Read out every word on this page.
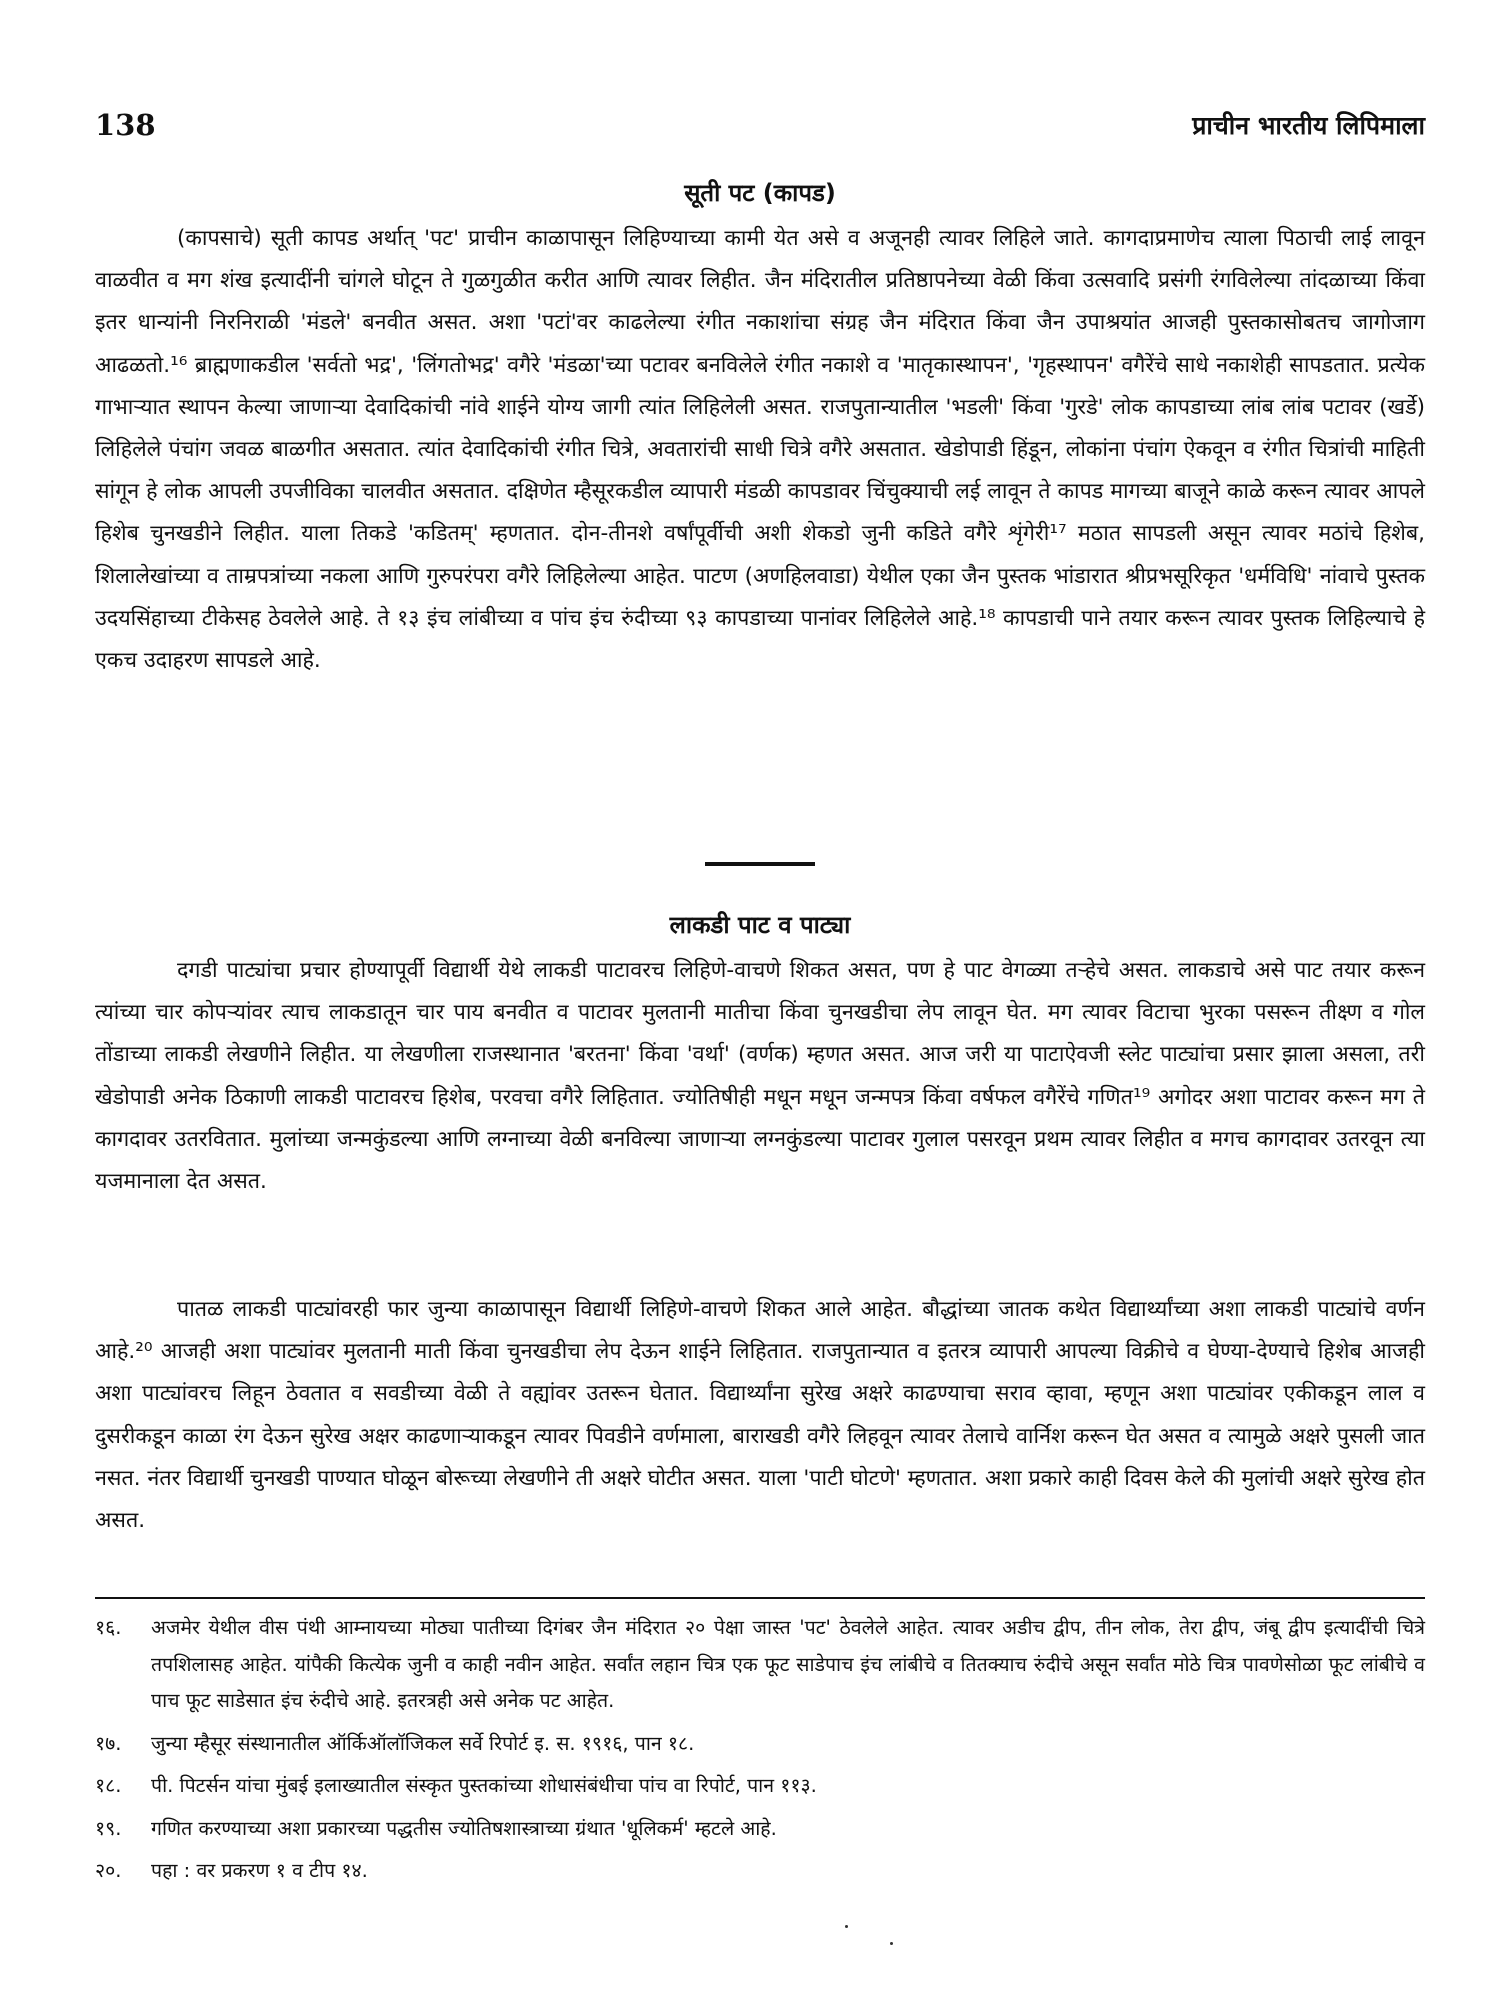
138	प्राचीन भारतीय लिपिमाला
सूती पट (कापड)

(कापसाचे) सूती कापड अर्थात् 'पट' प्राचीन काळापासून लिहिण्याच्या कामी येत असे व अजूनही त्यावर लिहिले जाते. कागदाप्रमाणेच त्याला पिठाची लाई लावून वाळवीत व मग शंख इत्यादींनी चांगले घोटून ते गुळगुळीत करीत आणि त्यावर लिहीत. जैन मंदिरातील प्रतिष्ठापनेच्या वेळी किंवा उत्सवादि प्रसंगी रंगविलेल्या तांदळाच्या किंवा इतर धान्यांनी निरनिराळी 'मंडले' बनवीत असत. अशा 'पटां'वर काढलेल्या रंगीत नकाशांचा संग्रह जैन मंदिरात किंवा जैन उपाश्रयांत आजही पुस्तकासोबतच जागोजाग आढळतो.¹⁶ ब्राह्मणाकडील 'सर्वतो भद्र', 'लिंगतोभद्र' वगैरे 'मंडळा'च्या पटावर बनविलेले रंगीत नकाशे व 'मातृकास्थापन', 'गृहस्थापन' वगैरेंचे साधे नकाशेही सापडतात. प्रत्येक गाभाऱ्यात स्थापन केल्या जाणाऱ्या देवादिकांची नांवे शाईने योग्य जागी त्यांत लिहिलेली असत. राजपुतान्यातील 'भडली' किंवा 'गुरडे' लोक कापडाच्या लांब लांब पटावर (खर्डे) लिहिलेले पंचांग जवळ बाळगीत असतात. त्यांत देवादिकांची रंगीत चित्रे, अवतारांची साधी चित्रे वगैरे असतात. खेडोपाडी हिंडून, लोकांना पंचांग ऐकवून व रंगीत चित्रांची माहिती सांगून हे लोक आपली उपजीविका चालवीत असतात. दक्षिणेत म्हैसूरकडील व्यापारी मंडळी कापडावर चिंचुक्याची लई लावून ते कापड मागच्या बाजूने काळे करून त्यावर आपले हिशेब चुनखडीने लिहीत. याला तिकडे 'कडितम्' म्हणतात. दोन-तीनशे वर्षांपूर्वीची अशी शेकडो जुनी कडिते वगैरे शृंगेरी¹⁷ मठात सापडली असून त्यावर मठांचे हिशेब, शिलालेखांच्या व ताम्रपत्रांच्या नकला आणि गुरुपरंपरा वगैरे लिहिलेल्या आहेत. पाटण (अणहिलवाडा) येथील एका जैन पुस्तक भांडारात श्रीप्रभसूरिकृत 'धर्मविधि' नांवाचे पुस्तक उदयसिंहाच्या टीकेसह ठेवलेले आहे. ते १३ इंच लांबीच्या व पांच इंच रुंदीच्या ९३ कापडाच्या पानांवर लिहिलेले आहे.¹⁸ कापडाची पाने तयार करून त्यावर पुस्तक लिहिल्याचे हे एकच उदाहरण सापडले आहे.

लाकडी पाट व पाट्या

दगडी पाट्यांचा प्रचार होण्यापूर्वी विद्यार्थी येथे लाकडी पाटावरच लिहिणे-वाचणे शिकत असत, पण हे पाट वेगळ्या तऱ्हेचे असत. लाकडाचे असे पाट तयार करून त्यांच्या चार कोपऱ्यांवर त्याच लाकडातून चार पाय बनवीत व पाटावर मुलतानी मातीचा किंवा चुनखडीचा लेप लावून घेत. मग त्यावर विटाचा भुरका पसरून तीक्ष्ण व गोल तोंडाच्या लाकडी लेखणीने लिहीत. या लेखणीला राजस्थानात 'बरतना' किंवा 'वर्था' (वर्णक) म्हणत असत. आज जरी या पाटाऐवजी स्लेट पाट्यांचा प्रसार झाला असला, तरी खेडोपाडी अनेक ठिकाणी लाकडी पाटावरच हिशेब, परवचा वगैरे लिहितात. ज्योतिषीही मधून मधून जन्मपत्र किंवा वर्षफल वगैरेंचे गणित¹⁹ अगोदर अशा पाटावर करून मग ते कागदावर उतरवितात. मुलांच्या जन्मकुंडल्या आणि लग्नाच्या वेळी बनविल्या जाणाऱ्या लग्नकुंडल्या पाटावर गुलाल पसरवून प्रथम त्यावर लिहीत व मगच कागदावर उतरवून त्या यजमानाला देत असत.

पातळ लाकडी पाट्यांवरही फार जुन्या काळापासून विद्यार्थी लिहिणे-वाचणे शिकत आले आहेत. बौद्धांच्या जातक कथेत विद्यार्थ्यांच्या अशा लाकडी पाट्यांचे वर्णन आहे.²⁰ आजही अशा पाट्यांवर मुलतानी माती किंवा चुनखडीचा लेप देऊन शाईने लिहितात. राजपुतान्यात व इतरत्र व्यापारी आपल्या विक्रीचे व घेण्या-देण्याचे हिशेब आजही अशा पाट्यांवरच लिहून ठेवतात व सवडीच्या वेळी ते वह्यांवर उतरून घेतात. विद्यार्थ्यांना सुरेख अक्षरे काढण्याचा सराव व्हावा, म्हणून अशा पाट्यांवर एकीकडून लाल व दुसरीकडून काळा रंग देऊन सुरेख अक्षर काढणाऱ्याकडून त्यावर पिवडीने वर्णमाला, बाराखडी वगैरे लिहवून त्यावर तेलाचे वार्निश करून घेत असत व त्यामुळे अक्षरे पुसली जात नसत. नंतर विद्यार्थी चुनखडी पाण्यात घोळून बोरूच्या लेखणीने ती अक्षरे घोटीत असत. याला 'पाटी घोटणे' म्हणतात. अशा प्रकारे काही दिवस केले की मुलांची अक्षरे सुरेख होत असत.

१६.	अजमेर येथील वीस पंथी आम्नायच्या मोठ्या पातीच्या दिगंबर जैन मंदिरात २० पेक्षा जास्त 'पट' ठेवलेले आहेत. त्यावर अडीच द्वीप, तीन लोक, तेरा द्वीप, जंबू द्वीप इत्यादींची चित्रे तपशिलासह आहेत. यांपैकी कित्येक जुनी व काही नवीन आहेत. सर्वांत लहान चित्र एक फूट साडेपाच इंच लांबीचे व तितक्याच रुंदीचे असून सर्वांत मोठे चित्र पावणेसोळा फूट लांबीचे व पाच फूट साडेसात इंच रुंदीचे आहे. इतरत्रही असे अनेक पट आहेत.
१७.	जुन्या म्हैसूर संस्थानातील ऑर्किऑलॉजिकल सर्वे रिपोर्ट इ. स. १९१६, पान १८.
१८.	पी. पिटर्सन यांचा मुंबई इलाख्यातील संस्कृत पुस्तकांच्या शोधासंबंधीचा पांच वा रिपोर्ट, पान ११३.
१९.	गणित करण्याच्या अशा प्रकारच्या पद्धतीस ज्योतिषशास्त्राच्या ग्रंथात 'धूलिकर्म' म्हटले आहे.
२०.	पहा : वर प्रकरण १ व टीप १४.
